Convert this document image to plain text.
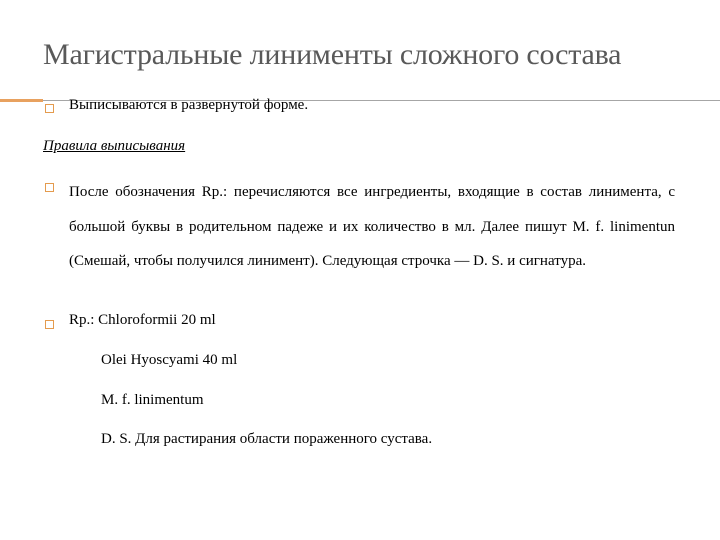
Магистральные линименты сложного состава
Выписываются в развернутой форме.
Правила выписывания
После обозначения Rp.: перечисляются все ингредиенты, входящие в состав линимента, с большой буквы в родительном падеже и их количество в мл. Далее пишут M. f. linimentun (Смешай, чтобы получился линимент). Следующая строчка — D. S. и сигнатура.
Rp.: Chloroformii 20 ml
Olei Hyoscyami 40 ml
M. f. linimentum
D. S. Для растирания области пораженного сустава.
